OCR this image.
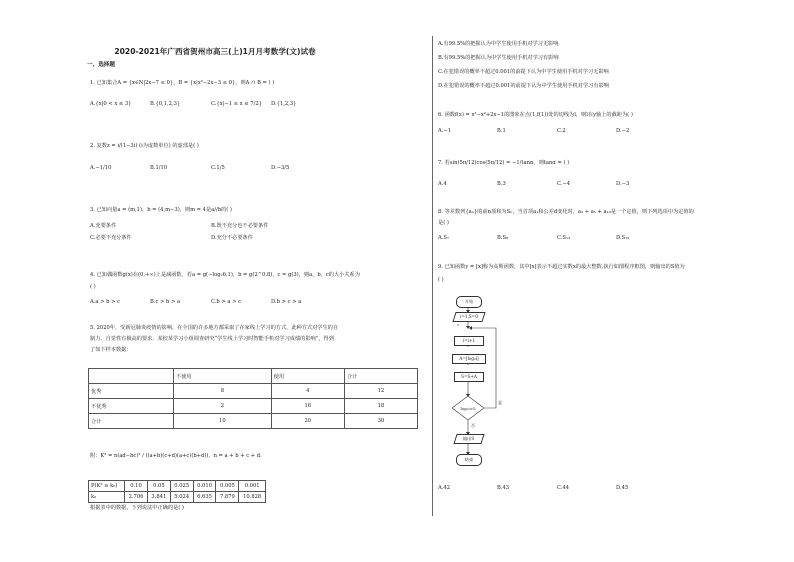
2020-2021年广西省贺州市高三(上)1月月考数学(文)试卷
一、选择题
1. 已知集合A = {x∈N|2x−7 ≤ 0}，B = {x|x²−2x−3 ≤ 0}，则A ∩ B = ( )
A.{x|0 < x ≤ 3}	B.{0,1,2,3}	C.{x|−1 ≤ x ≤ 7/2} D.{1,2,3}
2. 复数z = i/(1−3i) (i为虚数单位) 的虚部是( )
A.−1/10	B.1/10	C.1/5	D.−3/5
3. 已知向量a = (m,1)，b = (4,m−3)，则m = 4是a//b的( )
A.充要条件	B.既不充分也不必要条件
C.必要不充分条件	D.充分不必要条件
4. 已知偶函数g(x)在(0,+∞)上是减函数，若a = g(−log₂6.1)，b = g(2^0.8)，c = g(3)，则a，b，c的大小关系为
( )
A.a > b > c	B.c > b > a	C.b > a > c	D.b > c > a
5. 2020年，受新冠肺炎疫情的影响，在全国的许多地方都采取了在家线上学习的方式，此种方式对学生的自
制力、自觉性有极高的要求．某校某学习小组调查研究“学生线上学习时智能手机对学习成绩的影响”，得到
了如下样本数据：
	不使用	使用	合计
优秀	8	4	12
不优秀	2	16	18
合计	10	20	30
附：K² = n(ad−bc)² / ((a+b)(c+d)(a+c)(b+d))，n = a + b + c + d.
P(K² ≥ k₀)	0.10	0.05	0.025	0.010	0.005	0.001
k₀	2.706	3.841	5.024	6.635	7.879	10.828
根据表中的数据，下列说法中正确的是( )
A.有99.5%的把握认为中学生使用手机对学习无影响
B.有99.5%的把握认为中学生使用手机对学习有影响
C.在犯错误的概率不超过0.001的前提下认为中学生使用手机对学习无影响
D.在犯错误的概率不超过0.001的前提下认为中学生使用手机对学习有影响
6. 函数f(x) = x³−x²+2x−1的图象在点(1,f(1))处的切线为l，则l在y轴上的截距为( )
A.−1	B.1	C.2	D.−2
7. 若sin(5π/12)cos(5π/12) = −1/tanα，则tanα = ( )
A.4	B.3	C.−4	D.−3
8. 等差数列{aₙ}的前n项和为Sₙ，当首项a₁和公差d变化时，a₃ + a₅ + a₁₀是一个定值，则下列选项中为定值的
是( )
A.S₇	B.S₈	C.S₁₃	D.S₁₅
9. 已知函数y = [x]称为高斯函数，其中[x]表示不超过实数x的最大整数.执行如图程序框图，则输出的S值为
( )
开始
i=1,S=0
i=i+1
A=[log₂i]
S=S+A
log₂i>5
是
否
输出S
结束
A.42	B.43	C.44	D.45
